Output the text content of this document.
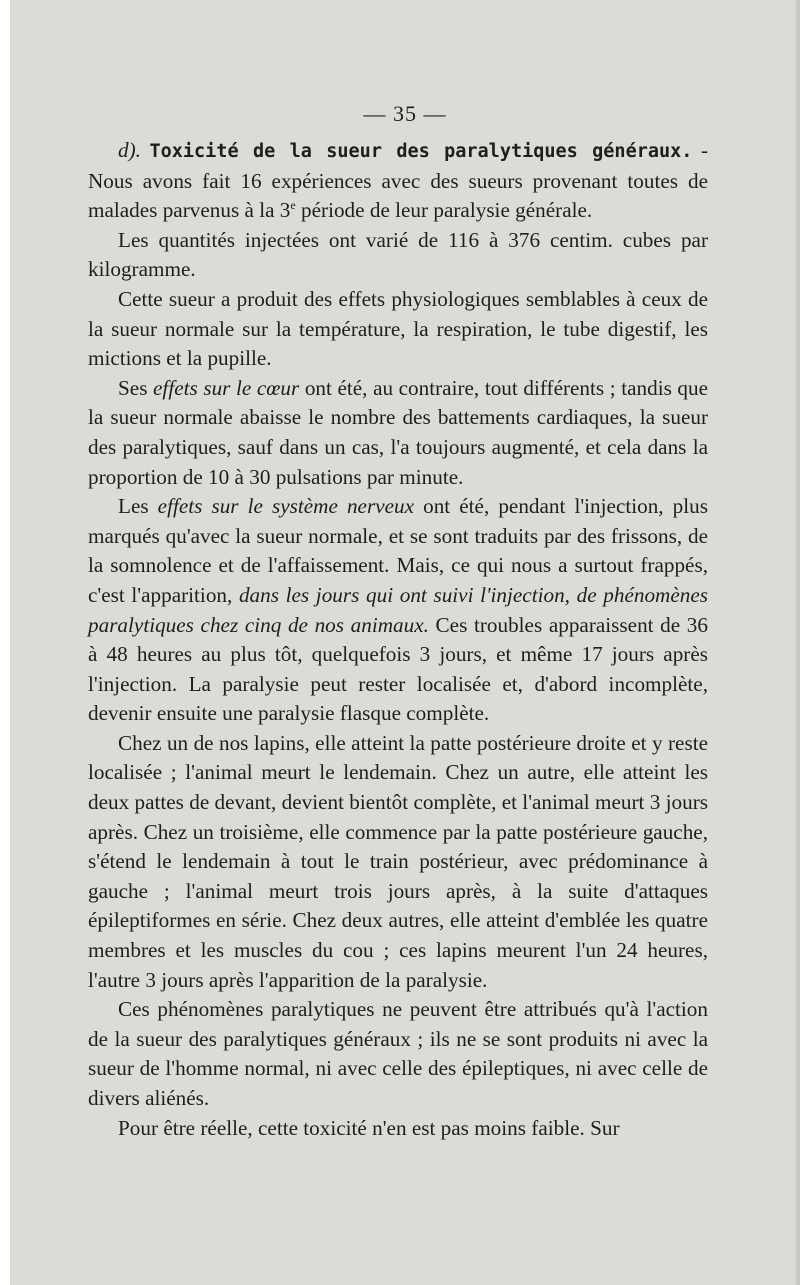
— 35 —

d). Toxicité de la sueur des paralytiques généraux. - Nous avons fait 16 expériences avec des sueurs provenant toutes de malades parvenus à la 3e période de leur paralysie générale.

Les quantités injectées ont varié de 116 à 376 centim. cubes par kilogramme.

Cette sueur a produit des effets physiologiques semblables à ceux de la sueur normale sur la température, la respiration, le tube digestif, les mictions et la pupille.

Ses effets sur le cœur ont été, au contraire, tout différents ; tandis que la sueur normale abaisse le nombre des battements cardiaques, la sueur des paralytiques, sauf dans un cas, l'a toujours augmenté, et cela dans la proportion de 10 à 30 pulsations par minute.

Les effets sur le système nerveux ont été, pendant l'injection, plus marqués qu'avec la sueur normale, et se sont traduits par des frissons, de la somnolence et de l'affaissement. Mais, ce qui nous a surtout frappés, c'est l'apparition, dans les jours qui ont suivi l'injection, de phénomènes paralytiques chez cinq de nos animaux. Ces troubles apparaissent de 36 à 48 heures au plus tôt, quelquefois 3 jours, et même 17 jours après l'injection. La paralysie peut rester localisée et, d'abord incomplète, devenir ensuite une paralysie flasque complète.

Chez un de nos lapins, elle atteint la patte postérieure droite et y reste localisée ; l'animal meurt le lendemain. Chez un autre, elle atteint les deux pattes de devant, devient bientôt complète, et l'animal meurt 3 jours après. Chez un troisième, elle commence par la patte postérieure gauche, s'étend le lendemain à tout le train postérieur, avec prédominance à gauche ; l'animal meurt trois jours après, à la suite d'attaques épileptiformes en série. Chez deux autres, elle atteint d'emblée les quatre membres et les muscles du cou ; ces lapins meurent l'un 24 heures, l'autre 3 jours après l'apparition de la paralysie.

Ces phénomènes paralytiques ne peuvent être attribués qu'à l'action de la sueur des paralytiques généraux ; ils ne se sont produits ni avec la sueur de l'homme normal, ni avec celle des épileptiques, ni avec celle de divers aliénés.

Pour être réelle, cette toxicité n'en est pas moins faible. Sur
